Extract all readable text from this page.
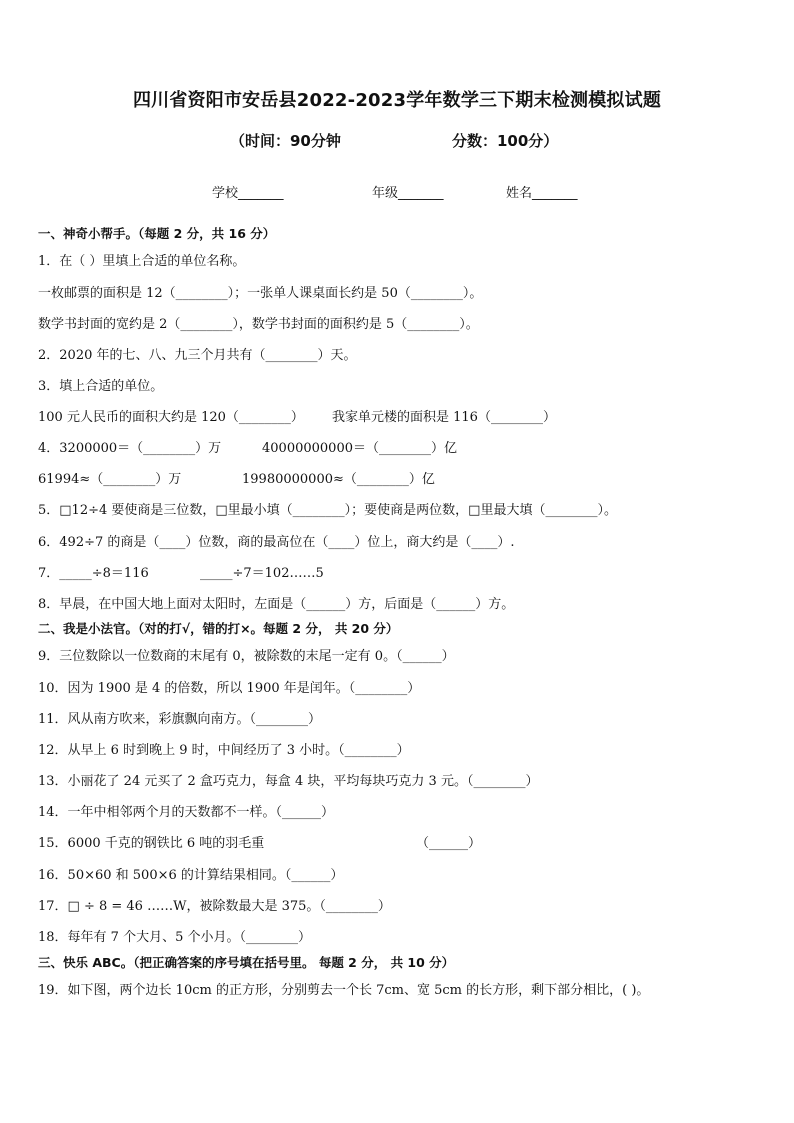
四川省资阳市安岳县2022-2023学年数学三下期末检测模拟试题
（时间：90分钟	分数：100分）
学校_______	年级_______	姓名_______
一、神奇小帮手。（每题 2 分，共 16 分）
1．在（ ）里填上合适的单位名称。
一枚邮票的面积是 12（________）；一张单人课桌面长约是 50（________）。
数学书封面的宽约是 2（________），数学书封面的面积约是 5（________）。
2．2020 年的七、八、九三个月共有（________）天。
3．填上合适的单位。
100 元人民币的面积大约是 120（________） 我家单元楼的面积是 116（________）
4．3200000＝（________）万	40000000000＝（________）亿
61994≈（________）万	19980000000≈（________）亿
5．□12÷4 要使商是三位数，□里最小填（________）；要使商是两位数，□里最大填（________）。
6．492÷7 的商是（____）位数，商的最高位在（____）位上，商大约是（____）.
7．_____÷8＝116	_____÷7＝102……5
8．早晨，在中国大地上面对太阳时，左面是（______）方，后面是（______）方。
二、我是小法官。（对的打√，错的打×。每题 2 分， 共 20 分）
9．三位数除以一位数商的末尾有 0，被除数的末尾一定有 0。（______）
10．因为 1900 是 4 的倍数，所以 1900 年是闰年。（________）
11．风从南方吹来，彩旗飘向南方。（________）
12．从早上 6 时到晚上 9 时，中间经历了 3 小时。（________）
13．小丽花了 24 元买了 2 盒巧克力，每盒 4 块，平均每块巧克力 3 元。（________）
14．一年中相邻两个月的天数都不一样。（______）
15．6000 千克的钢铁比 6 吨的羽毛重	（______）
16．50×60 和 500×6 的计算结果相同。（______）
17．□ ÷ 8 = 46 ……W，被除数最大是 375。（________）
18．每年有 7 个大月、5 个小月。（________）
三、快乐 ABC。（把正确答案的序号填在括号里。 每题 2 分， 共 10 分）
19．如下图，两个边长 10cm 的正方形，分别剪去一个长 7cm、宽 5cm 的长方形，剩下部分相比，( )。
